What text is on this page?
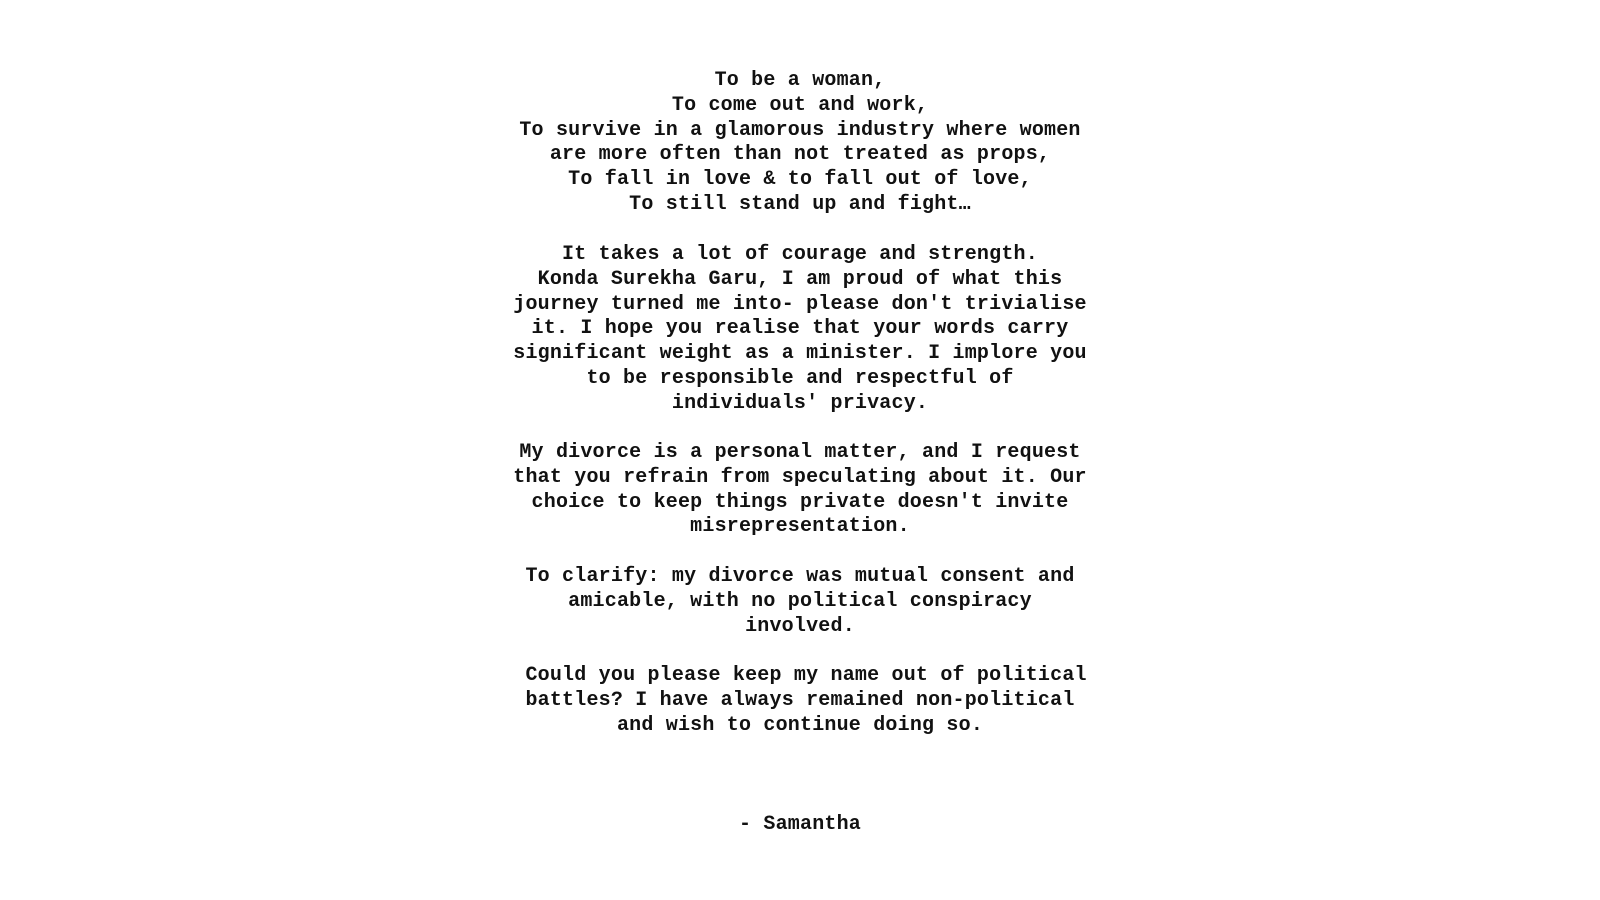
To be a woman,
To come out and work,
To survive in a glamorous industry where women
are more often than not treated as props,
To fall in love & to fall out of love,
To still stand up and fight…
It takes a lot of courage and strength.
Konda Surekha Garu, I am proud of what this
journey turned me into- please don't trivialise
it. I hope you realise that your words carry
significant weight as a minister. I implore you
to be responsible and respectful of
individuals' privacy.
My divorce is a personal matter, and I request
that you refrain from speculating about it. Our
choice to keep things private doesn't invite
misrepresentation.
To clarify: my divorce was mutual consent and
amicable, with no political conspiracy
involved.
Could you please keep my name out of political
battles? I have always remained non-political
and wish to continue doing so.
- Samantha
